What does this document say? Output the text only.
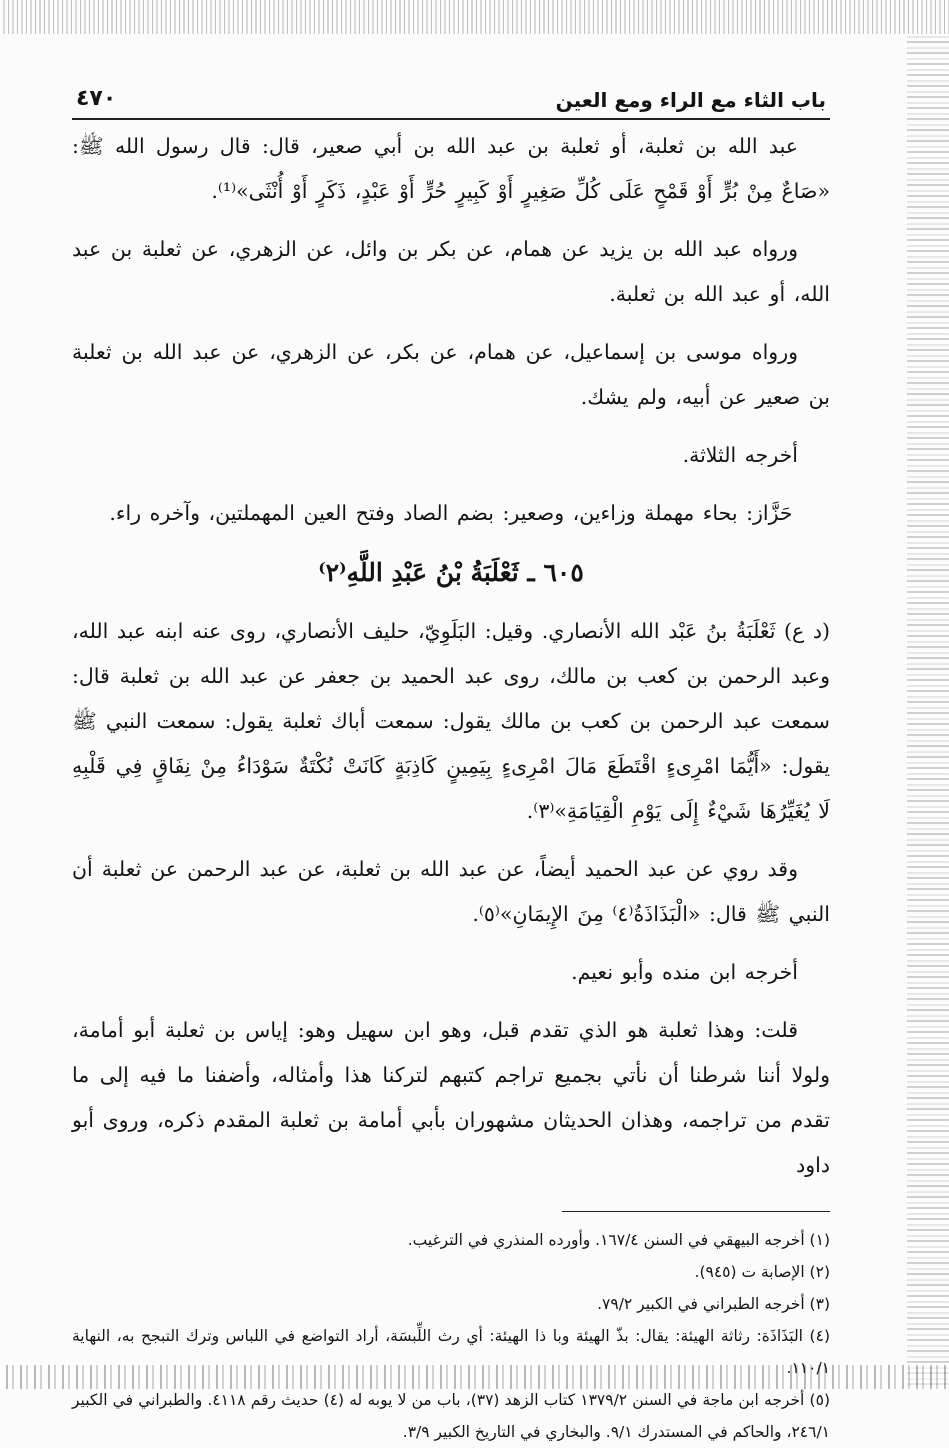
باب الثاء مع الراء ومع العين
٤٧٠

عبد الله بن ثعلبة، أو ثعلبة بن عبد الله بن أبي صعير، قال: قال رسول الله ﷺ: «صَاعٌ مِنْ بُرٍّ أَوْ قَمْحٍ عَلَى كُلِّ صَغِيرٍ أَوْ كَبِيرٍ حُرٍّ أَوْ عَبْدٍ، ذَكَرٍ أَوْ أُنْثَى»⁽¹⁾.

ورواه عبد الله بن يزيد عن همام، عن بكر بن وائل، عن الزهري، عن ثعلبة بن عبد الله، أو عبد الله بن ثعلبة.

ورواه موسى بن إسماعيل، عن همام، عن بكر، عن الزهري، عن عبد الله بن ثعلبة بن صعير عن أبيه، ولم يشك.

أخرجه الثلاثة.

حَزَّاز: بحاء مهملة وزاءين، وصعير: بضم الصاد وفتح العين المهملتين، وآخره راء.

٦٠٥ ـ ثَعْلَبَةُ بْنُ عَبْدِ اللَّهِ⁽٢⁾

(د ع) ثَعْلَبَةُ بنُ عَبْد الله الأنصاري. وقيل: البَلَوِيّ، حليف الأنصاري، روى عنه ابنه عبد الله، وعبد الرحمن بن كعب بن مالك، روى عبد الحميد بن جعفر عن عبد الله بن ثعلبة قال: سمعت عبد الرحمن بن كعب بن مالك يقول: سمعت أباك ثعلبة يقول: سمعت النبي ﷺ يقول: «أَيُّمَا امْرِىءٍ اقْتَطَعَ مَالَ امْرِىءٍ بِيَمِينٍ كَاذِبَةٍ كَانَتْ نُكْتَةٌ سَوْدَاءُ مِنْ نِفَاقٍ فِي قَلْبِهِ لَا يُغَيِّرُهَا شَيْءٌ إِلَى يَوْمِ الْقِيَامَةِ»⁽٣⁾.

وقد روي عن عبد الحميد أيضاً، عن عبد الله بن ثعلبة، عن عبد الرحمن عن ثعلبة أن النبي ﷺ قال: «الْبَذَاذَةُ⁽٤⁾ مِنَ الإِيمَانِ»⁽٥⁾.

أخرجه ابن منده وأبو نعيم.

قلت: وهذا ثعلبة هو الذي تقدم قبل، وهو ابن سهيل وهو: إياس بن ثعلبة أبو أمامة، ولولا أننا شرطنا أن نأتي بجميع تراجم كتبهم لتركنا هذا وأمثاله، وأضفنا ما فيه إلى ما تقدم من تراجمه، وهذان الحديثان مشهوران بأبي أمامة بن ثعلبة المقدم ذكره، وروى أبو داود

(١) أخرجه البيهقي في السنن ١٦٧/٤. وأورده المنذري في الترغيب.

(٢) الإصابة ت (٩٤٥).

(٣) أخرجه الطبراني في الكبير ٧٩/٢.

(٤) البَذَاذَة: رثاثة الهيئة: يقال: بذّ الهيئة وبا ذا الهيئة: أي رث اللِّبسَة، أراد التواضع في اللباس وترك التبجح به، النهاية ١١٠/١.

(٥) أخرجه ابن ماجة في السنن ١٣٧٩/٢ كتاب الزهد (٣٧)، باب من لا يوبه له (٤) حديث رقم ٤١١٨. والطبراني في الكبير ٢٤٦/١، والحاكم في المستدرك ٩/١. والبخاري في التاريخ الكبير ٣/٩.
